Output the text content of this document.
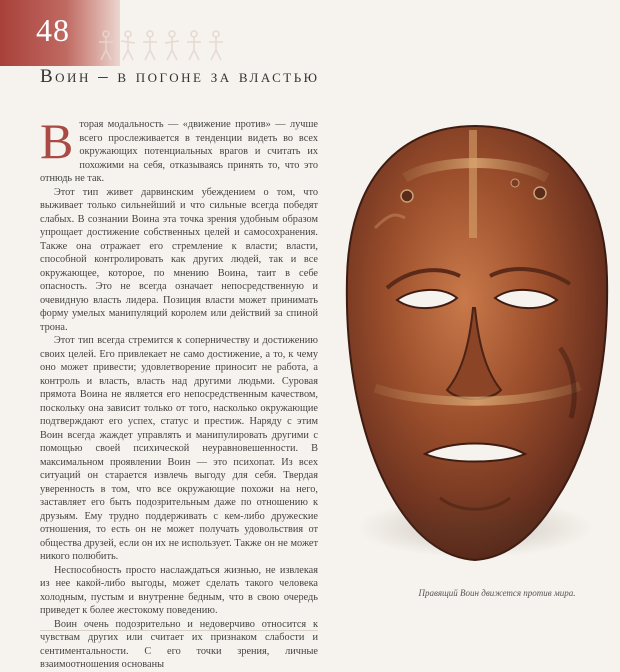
48
Воин – в погоне за властью

В торая модальность — «движение против» — лучше всего прослеживается в тенденции видеть во всех окружающих потенциальных врагов и считать их похожими на себя, отказываясь принять то, что это отнюдь не так.

Этот тип живет дарвинским убеждением о том, что выживает только сильнейший и что сильные всегда победят слабых. В сознании Воина эта точка зрения удобным образом упрощает достижение собственных целей и самосохранения. Также она отражает его стремление к власти; власти, способной контролировать как других людей, так и все окружающее, которое, по мнению Воина, таит в себе опасность. Это не всегда означает непосредственную и очевидную власть лидера. Позиция власти может принимать форму умелых манипуляций королем или действий за спиной трона.

Этот тип всегда стремится к соперничеству и достижению своих целей. Его привлекает не само достижение, а то, к чему оно может привести; удовлетворение приносит не работа, а контроль и власть, власть над другими людьми. Суровая прямота Воина не является его непосредственным качеством, поскольку она зависит только от того, насколько окружающие подтверждают его успех, статус и престиж. Наряду с этим Воин всегда жаждет управлять и манипулировать другими с помощью своей психической неуравновешенности. В максимальном проявлении Воин — это психопат. Из всех ситуаций он старается извлечь выгоду для себя. Твердая уверенность в том, что все окружающие похожи на него, заставляет его быть подозрительным даже по отношению к друзьям. Ему трудно поддерживать с кем-либо дружеские отношения, то есть он не может получать удовольствия от общества друзей, если он их не использует. Также он не может никого полюбить.

Неспособность просто наслаждаться жизнью, не извлекая из нее какой-либо выгоды, может сделать такого человека холодным, пустым и внутренне бедным, что в свою очередь приведет к более жестокому поведению.

Воин очень подозрительно и недоверчиво относится к чувствам других или считает их признаком слабости и сентиментальности. С его точки зрения, личные взаимоотношения основаны

Правящий Воин движется против мира.
